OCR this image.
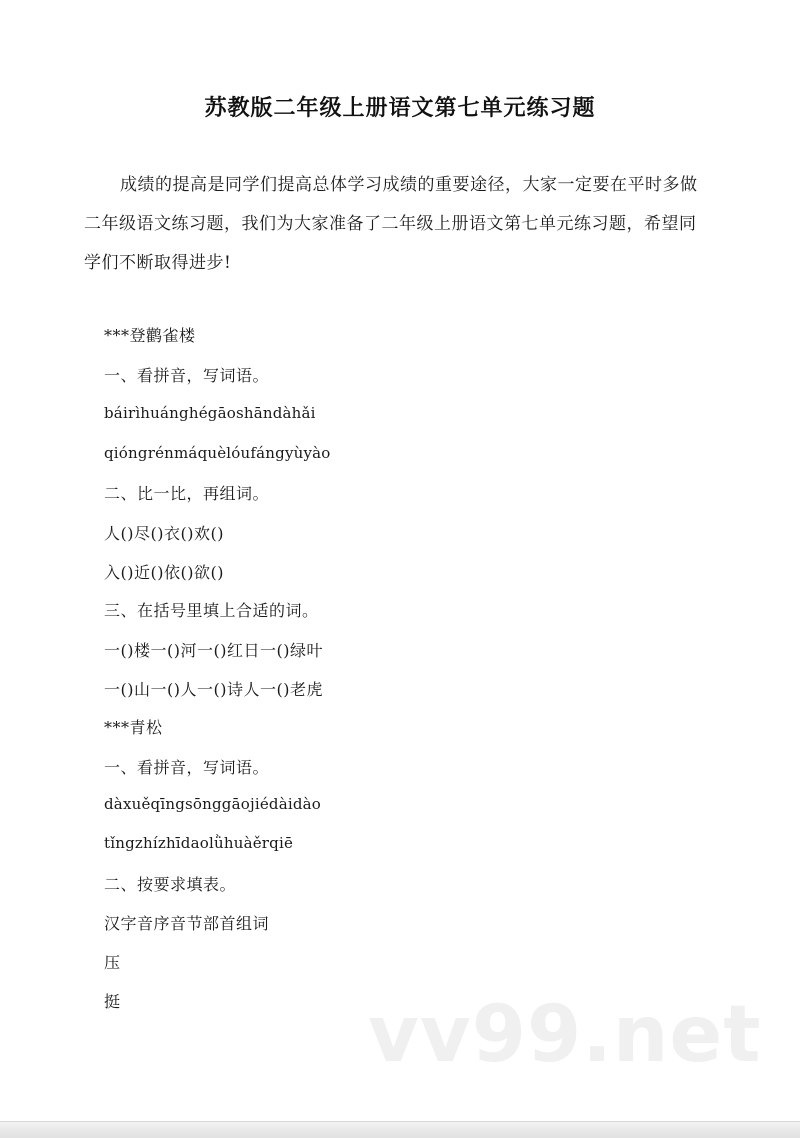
苏教版二年级上册语文第七单元练习题
成绩的提高是同学们提高总体学习成绩的重要途径，大家一定要在平时多做二年级语文练习题，我们为大家准备了二年级上册语文第七单元练习题，希望同学们不断取得进步!
***登鹳雀楼
一、看拼音，写词语。
báirìhuánghégāoshāndàhǎi
qióngrénmáquèlóufángyùyào
二、比一比，再组词。
人()尽()衣()欢()
入()近()依()欲()
三、在括号里填上合适的词。
一()楼一()河一()红日一()绿叶
一()山一()人一()诗人一()老虎
***青松
一、看拼音，写词语。
dàxuěqīngsōnggāojiédàidào
tǐngzhízhīdaolǜhuàěrqiē
二、按要求填表。
汉字音序音节部首组词
压
挺	vv99.net
